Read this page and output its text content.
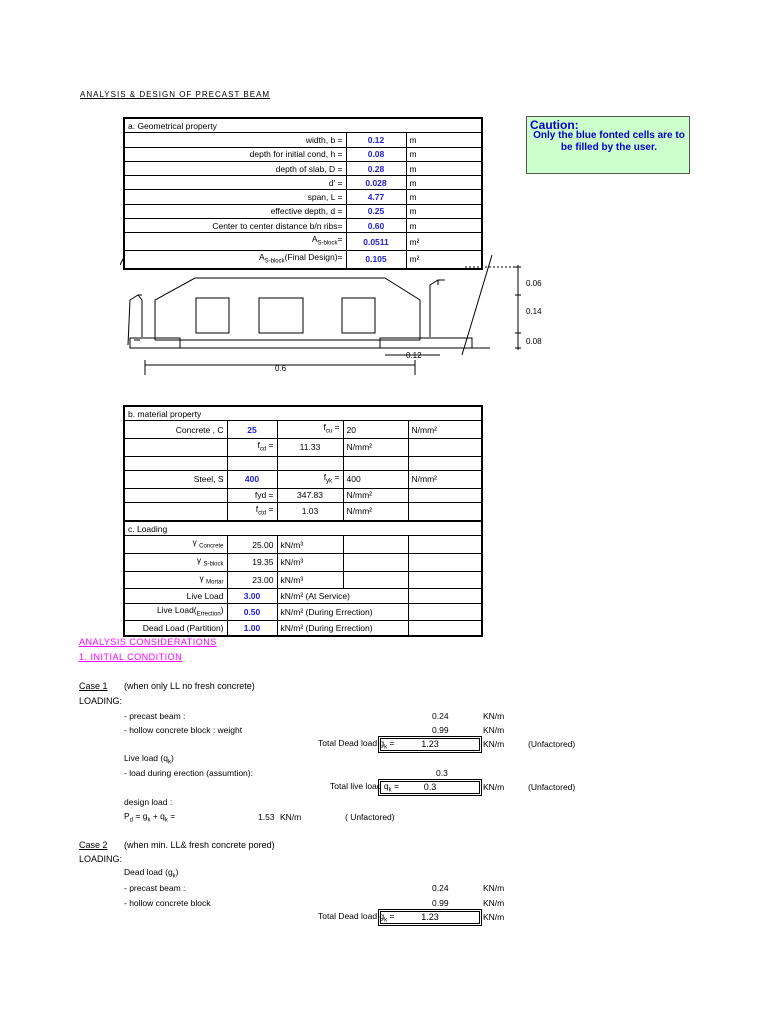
ANALYSIS & DESIGN OF PRECAST BEAM
a. Geometrical property		
width, b =	0.12	m
depth for initial cond, h =	0.08	m
depth of slab, D =	0.28	m
d' =	0.028	m
span, L =	4.77	m
effective depth, d =	0.25	m
Center to center distance b/n ribs=	0.60	m
$A_{S-block}=$	0.0511	m²
$A_{S-block}(Final$ Design)=	0.105	m²
Caution:
Only the blue fonted cells are to be filled by the user.
0.06
0.14
0.08
0.12
0.6
b. material property				
Concrete , C	25	$f_{cu}$ =	20	N/mm²
	$f_{cd}$ =	11.33	N/mm²	

Steel, S	400	$f_{yk}$ =	400	N/mm²
	fyd =	347.83	N/mm²	
	$f_{ctd}$ =	1.03	N/mm²	
c. Loading				
γ $_{Concrete}$	25.00	kN/m³		
γ $_{S-block}$	19.35	kN/m³		
γ $_{Mortar}$	23.00	kN/m³		
Live Load	3.00	kN/m² (At Service)		
Live $Load(_{Errection})$	0.50	kN/m² (During Errection)		
Dead Load (Partition)	1.00	kN/m² (During Errection)		
ANALYSIS CONSIDERATIONS
1. INITIAL CONDITION
Case 1 (when only LL no fresh concrete)
LOADING:
- precast beam :	0.24	KN/m
- hollow concrete block : weight	0.99	KN/m
Total Dead load $g_k$ =	1.23	KN/m	(Unfactored)
Live load $(q_k)$
- load during erection (assumtion):	0.3
Total live load $q_k$ =	0.3	KN/m	(Unfactored)
design load :
$P_d = g_k + q_k$ =	1.53 KN/m	( Unfactored)
Case 2 (when min. LL& fresh concrete pored)
LOADING:
Dead load $(g_k)$
- precast beam :	0.24	KN/m
- hollow concrete block	0.99	KN/m
Total Dead load $g_k$ =	1.23	KN/m
